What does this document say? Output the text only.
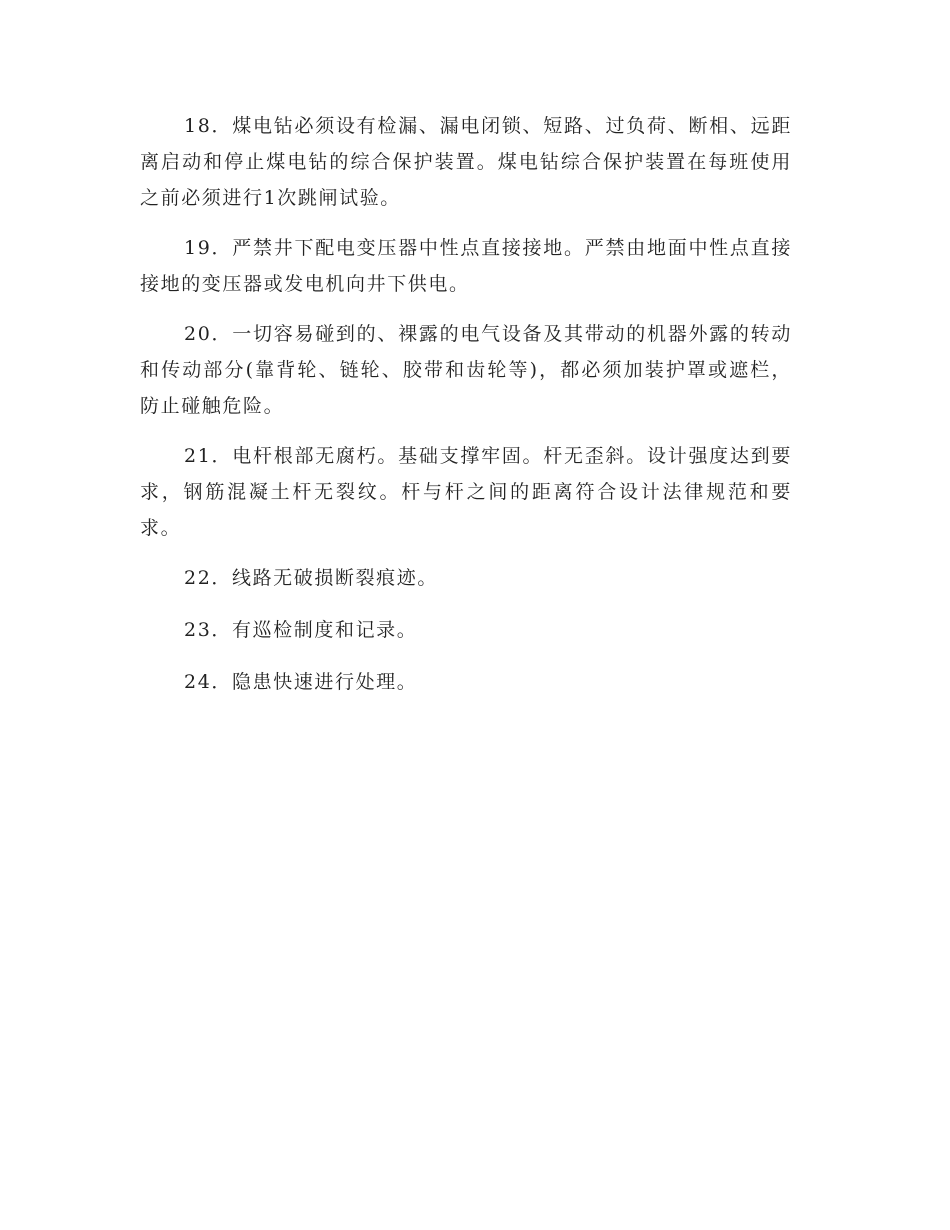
18．煤电钻必须设有检漏、漏电闭锁、短路、过负荷、断相、远距离启动和停止煤电钻的综合保护装置。煤电钻综合保护装置在每班使用之前必须进行1次跳闸试验。

19．严禁井下配电变压器中性点直接接地。严禁由地面中性点直接接地的变压器或发电机向井下供电。

20．一切容易碰到的、裸露的电气设备及其带动的机器外露的转动和传动部分(靠背轮、链轮、胶带和齿轮等)，都必须加装护罩或遮栏，防止碰触危险。

21．电杆根部无腐朽。基础支撑牢固。杆无歪斜。设计强度达到要求，钢筋混凝土杆无裂纹。杆与杆之间的距离符合设计法律规范和要求。

22．线路无破损断裂痕迹。

23．有巡检制度和记录。

24．隐患快速进行处理。
